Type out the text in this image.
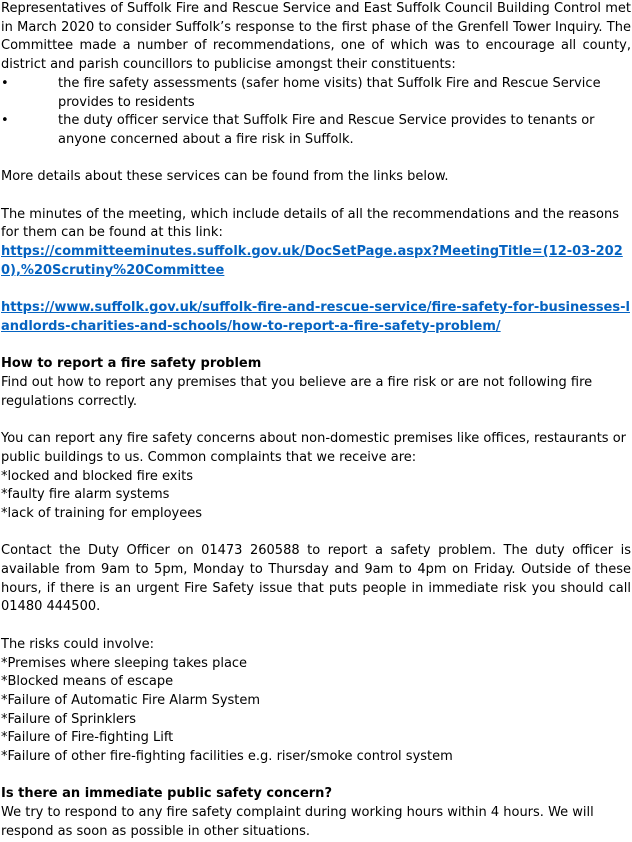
Representatives of Suffolk Fire and Rescue Service and East Suffolk Council Building Control met in March 2020 to consider Suffolk’s response to the first phase of the Grenfell Tower Inquiry. The Committee made a number of recommendations, one of which was to encourage all county, district and parish councillors to publicise amongst their constituents:

•	the fire safety assessments (safer home visits) that Suffolk Fire and Rescue Service provides to residents
•	the duty officer service that Suffolk Fire and Rescue Service provides to tenants or anyone concerned about a fire risk in Suffolk.

More details about these services can be found from the links below.

The minutes of the meeting, which include details of all the recommendations and the reasons for them can be found at this link:

https://committeeminutes.suffolk.gov.uk/DocSetPage.aspx?MeetingTitle=(12-03-2020),%20Scrutiny%20Committee

https://www.suffolk.gov.uk/suffolk-fire-and-rescue-service/fire-safety-for-businesses-landlords-charities-and-schools/how-to-report-a-fire-safety-problem/

How to report a fire safety problem

Find out how to report any premises that you believe are a fire risk or are not following fire regulations correctly.

You can report any fire safety concerns about non-domestic premises like offices, restaurants or public buildings to us. Common complaints that we receive are:

*locked and blocked fire exits

*faulty fire alarm systems

*lack of training for employees

Contact the Duty Officer on 01473 260588 to report a safety problem. The duty officer is available from 9am to 5pm, Monday to Thursday and 9am to 4pm on Friday. Outside of these hours, if there is an urgent Fire Safety issue that puts people in immediate risk you should call 01480 444500.

The risks could involve:

*Premises where sleeping takes place

*Blocked means of escape

*Failure of Automatic Fire Alarm System

*Failure of Sprinklers

*Failure of Fire-fighting Lift

*Failure of other fire-fighting facilities e.g. riser/smoke control system

Is there an immediate public safety concern?

We try to respond to any fire safety complaint during working hours within 4 hours. We will respond as soon as possible in other situations.
